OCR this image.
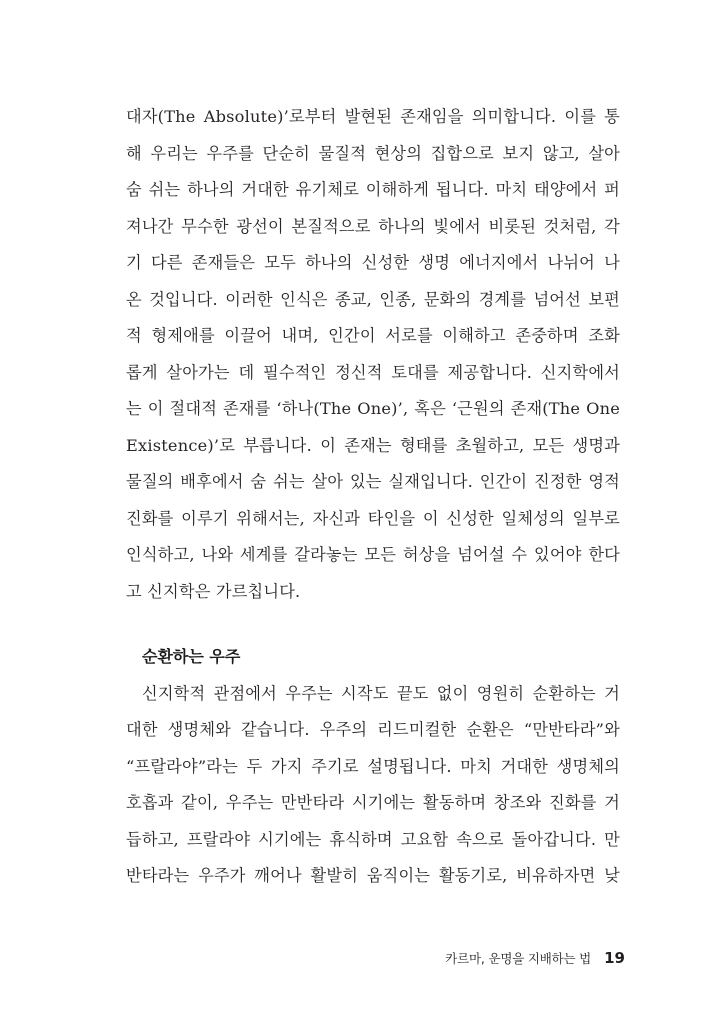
대자(The Absolute)’로부터 발현된 존재임을 의미합니다. 이를 통
해 우리는 우주를 단순히 물질적 현상의 집합으로 보지 않고, 살아
숨 쉬는 하나의 거대한 유기체로 이해하게 됩니다. 마치 태양에서 퍼
져나간 무수한 광선이 본질적으로 하나의 빛에서 비롯된 것처럼, 각
기 다른 존재들은 모두 하나의 신성한 생명 에너지에서 나뉘어 나
온 것입니다. 이러한 인식은 종교, 인종, 문화의 경계를 넘어선 보편
적 형제애를 이끌어 내며, 인간이 서로를 이해하고 존중하며 조화
롭게 살아가는 데 필수적인 정신적 토대를 제공합니다. 신지학에서
는 이 절대적 존재를 ‘하나(The One)’, 혹은 ‘근원의 존재(The One
Existence)’로 부릅니다. 이 존재는 형태를 초월하고, 모든 생명과
물질의 배후에서 숨 쉬는 살아 있는 실재입니다. 인간이 진정한 영적
진화를 이루기 위해서는, 자신과 타인을 이 신성한 일체성의 일부로
인식하고, 나와 세계를 갈라놓는 모든 허상을 넘어설 수 있어야 한다
고 신지학은 가르칩니다.
순환하는 우주
신지학적 관점에서 우주는 시작도 끝도 없이 영원히 순환하는 거
대한 생명체와 같습니다. 우주의 리드미컬한 순환은 “만반타라”와
“프랄라야”라는 두 가지 주기로 설명됩니다. 마치 거대한 생명체의
호흡과 같이, 우주는 만반타라 시기에는 활동하며 창조와 진화를 거
듭하고, 프랄라야 시기에는 휴식하며 고요함 속으로 돌아갑니다. 만
반타라는 우주가 깨어나 활발히 움직이는 활동기로, 비유하자면 낮
카르마, 운명을 지배하는 법 19
